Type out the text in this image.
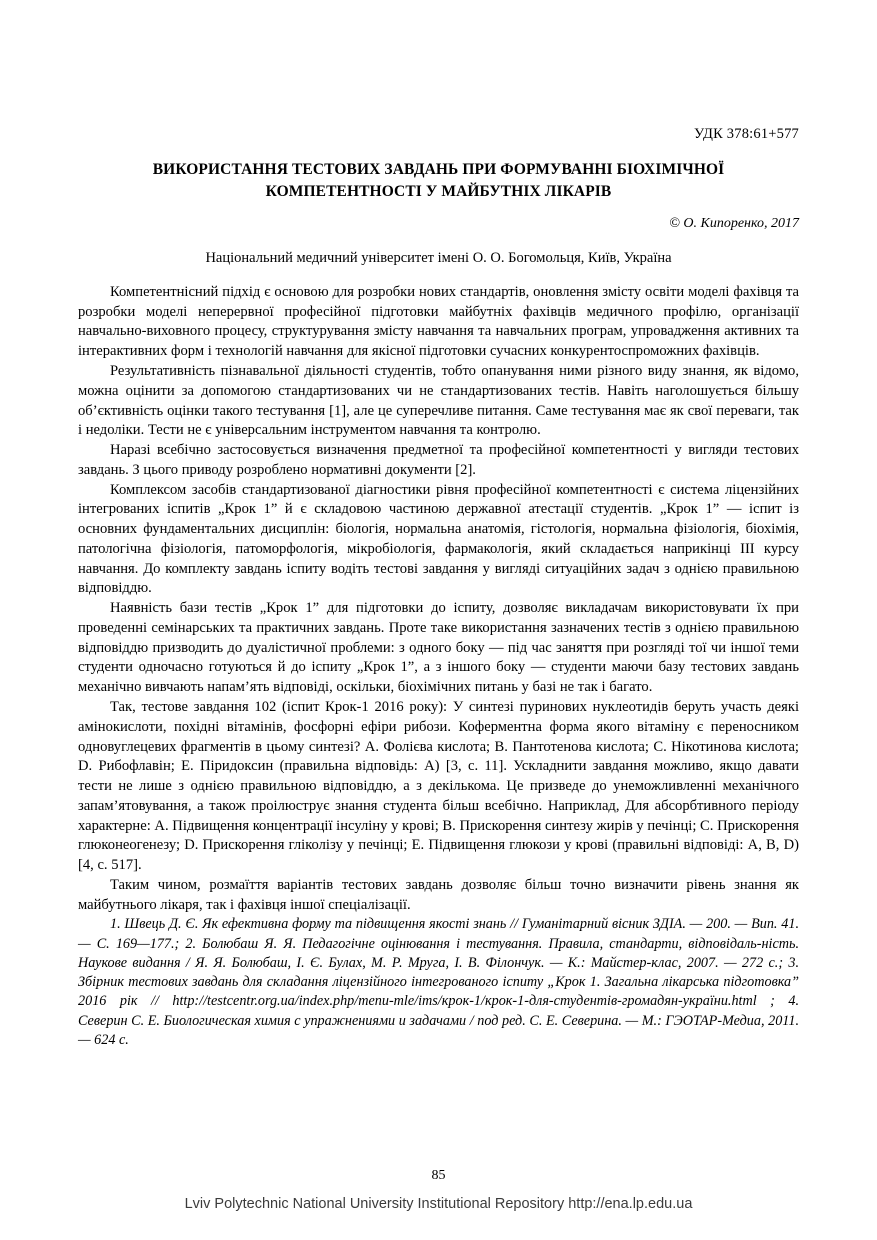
УДК 378:61+577
ВИКОРИСТАННЯ ТЕСТОВИХ ЗАВДАНЬ ПРИ ФОРМУВАННІ БІОХІМІЧНОЇ КОМПЕТЕНТНОСТІ У МАЙБУТНІХ ЛІКАРІВ
© О. Кипоренко, 2017
Національний медичний університет імені О. О. Богомольця, Київ, Україна

Компетентнісний підхід є основою для розробки нових стандартів, оновлення змісту освіти моделі фахівця та розробки моделі неперервної професійної підготовки майбутніх фахівців медичного профілю, організації навчально-виховного процесу, структурування змісту навчання та навчальних програм, упровадження активних та інтерактивних форм і технологій навчання для якісної підготовки сучасних конкурентоспроможних фахівців.

Результативність пізнавальної діяльності студентів, тобто опанування ними різного виду знання, як відомо, можна оцінити за допомогою стандартизованих чи не стандартизованих тестів. Навіть наголошується більшу об’єктивність оцінки такого тестування [1], але це суперечливе питання. Саме тестування має як свої переваги, так і недоліки. Тести не є універсальним інструментом навчання та контролю.

Наразі всебічно застосовується визначення предметної та професійної компетентності у вигляди тестових завдань. З цього приводу розроблено нормативні документи [2].

Комплексом засобів стандартизованої діагностики рівня професійної компетентності є система ліцензійних інтегрованих іспитів „Крок 1” й є складовою частиною державної атестації студентів. „Крок 1” — іспит із основних фундаментальних дисциплін: біологія, нормальна анатомія, гістологія, нормальна фізіологія, біохімія, патологічна фізіологія, патоморфологія, мікробіологія, фармакологія, який складається наприкінці ІІІ курсу навчання. До комплекту завдань іспиту водіть тестові завдання у вигляді ситуаційних задач з однією правильною відповіддю.

Наявність бази тестів „Крок 1” для підготовки до іспиту, дозволяє викладачам використовувати їх при проведенні семінарських та практичних завдань. Проте таке використання зазначених тестів з однією правильною відповіддю призводить до дуалістичної проблеми: з одного боку — під час заняття при розгляді тої чи іншої теми студенти одночасно готуються й до іспиту „Крок 1”, а з іншого боку — студенти маючи базу тестових завдань механічно вивчають напам’ять відповіді, оскільки, біохімічних питань у базі не так і багато.

Так, тестове завдання 102 (іспит Крок-1 2016 року): У синтезі пуринових нуклеотидів беруть участь деякі амінокислоти, похідні вітамінів, фосфорні ефіри рибози. Коферментна форма якого вітаміну є переносником одновуглецевих фрагментів в цьому синтезі? А. Фолієва кислота; В. Пантотенова кислота; С. Нікотинова кислота; D. Рибофлавін; Е. Піридоксин (правильна відповідь: А) [3, с. 11]. Ускладнити завдання можливо, якщо давати тести не лише з однією правильною відповіддю, а з декількома. Це призведе до унеможливленні механічного запам’ятовування, а також проілюструє знання студента більш всебічно. Наприклад, Для абсорбтивного періоду характерне: А. Підвищення концентрації інсуліну у крові; В. Прискорення синтезу жирів у печінці; С. Прискорення глюконеогенезу; D. Прискорення гліколізу у печінці; Е. Підвищення глюкози у крові (правильні відповіді: А, В, D) [4, с. 517].

Таким чином, розмаїття варіантів тестових завдань дозволяє більш точно визначити рівень знання як майбутнього лікаря, так і фахівця іншої спеціалізації.

1. Швець Д. Є. Як ефективна форму та підвищення якості знань // Гуманітарний вісник ЗДІА. — 200. — Вип. 41. — С. 169—177.; 2. Болюбаш Я. Я. Педагогічне оцінювання і тестування. Правила, стандарти, відповідаль-ність. Наукове видання / Я. Я. Болюбаш, І. Є. Булах, М. Р. Мруга, І. В. Філончук. — К.: Майстер-клас, 2007. — 272 с.; 3. Збірник тестових завдань для складання ліцензійного інтегрованого іспиту „Крок 1. Загальна лікарська підготовка” 2016 рік // http://testcentr.org.ua/index.php/menu-mle/ims/крок-1/крок-1-для-студентів-громадян-україни.html ; 4. Северин С. Е. Биологическая химия с упражнениями и задачами / под ред. С. Е. Северина. — М.: ГЭОТАР-Медиа, 2011. — 624 с.

85
Lviv Polytechnic National University Institutional Repository http://ena.lp.edu.ua
